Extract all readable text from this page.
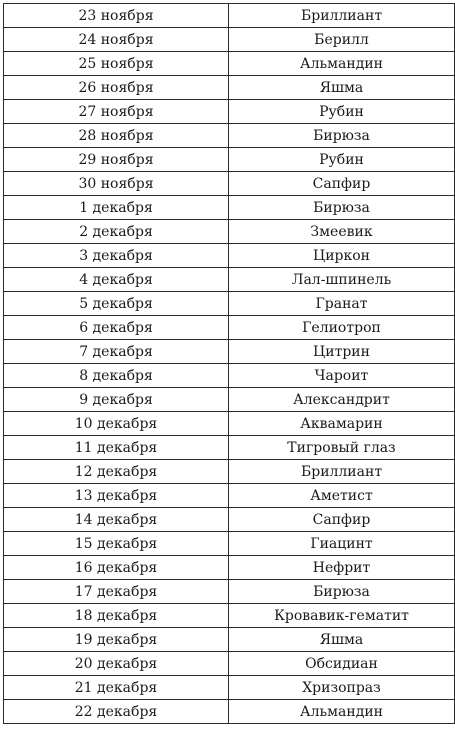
23 ноября	Бриллиант
24 ноября	Берилл
25 ноября	Альмандин
26 ноября	Яшма
27 ноября	Рубин
28 ноября	Бирюза
29 ноября	Рубин
30 ноября	Сапфир
1 декабря	Бирюза
2 декабря	Змеевик
3 декабря	Циркон
4 декабря	Лал-шпинель
5 декабря	Гранат
6 декабря	Гелиотроп
7 декабря	Цитрин
8 декабря	Чароит
9 декабря	Александрит
10 декабря	Аквамарин
11 декабря	Тигровый глаз
12 декабря	Бриллиант
13 декабря	Аметист
14 декабря	Сапфир
15 декабря	Гиацинт
16 декабря	Нефрит
17 декабря	Бирюза
18 декабря	Кровавик-гематит
19 декабря	Яшма
20 декабря	Обсидиан
21 декабря	Хризопраз
22 декабря	Альмандин
